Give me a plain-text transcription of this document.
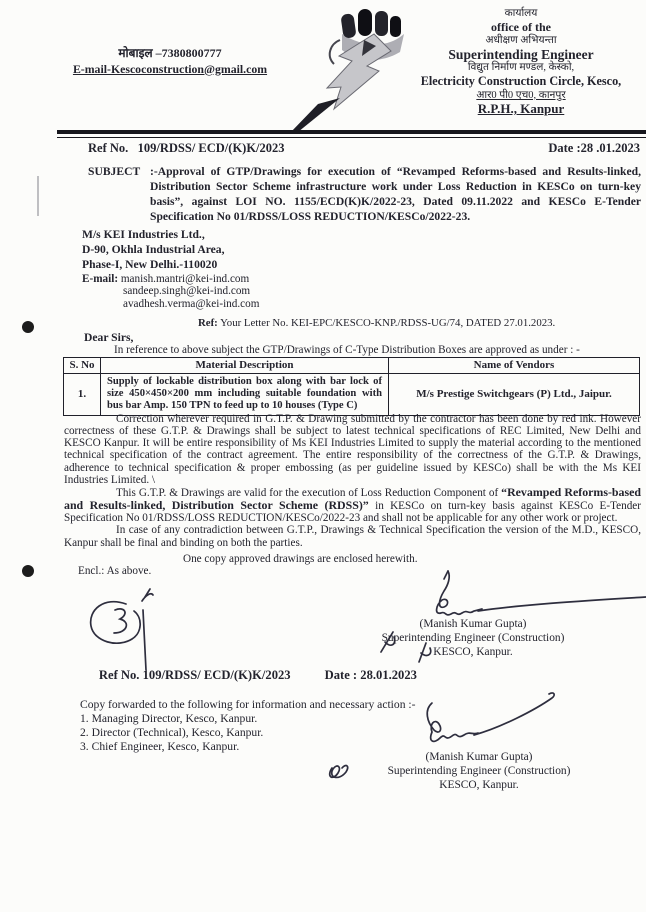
मोबाइल –7380800777
E-mail-Kescoconstruction@gmail.com
कार्यालय
office of the
अधीक्षण अभियन्ता
Superintending Engineer
विद्युत निर्माण मण्डल, केस्को,
Electricity Construction Circle, Kesco,
आर0 पी0 एच0, कानपुर
R.P.H., Kanpur
Ref No.   109/RDSS/ ECD/(K)K/2023	Date :28 .01.2023
SUBJECT :-Approval of GTP/Drawings for execution of “Revamped Reforms-based and Results-linked, Distribution Sector Scheme infrastructure work under Loss Reduction in KESCo on turn-key basis”, against LOI NO. 1155/ECD(K)K/2022-23, Dated 09.11.2022 and KESCo E-Tender Specification No 01/RDSS/LOSS REDUCTION/KESCo/2022-23.
M/s KEI Industries Ltd.,
D-90, Okhla Industrial Area,
Phase-I, New Delhi.-110020
E-mail: manish.mantri@kei-ind.com
sandeep.singh@kei-ind.com
avadhesh.verma@kei-ind.com
Ref: Your Letter No. KEI-EPC/KESCO-KNP./RDSS-UG/74, DATED 27.01.2023.
Dear Sirs,
In reference to above subject the GTP/Drawings of C-Type Distribution Boxes are approved as under : -
S. No	Material Description	Name of Vendors
1.	Supply of lockable distribution box along with bar lock of size 450×450×200 mm including suitable foundation with bus bar Amp. 150 TPN to feed up to 10 houses (Type C)	M/s Prestige Switchgears (P) Ltd., Jaipur.

Correction wherever required in G.T.P. & Drawing submitted by the contractor has been done by red ink. However correctness of these G.T.P. & Drawings shall be subject to latest technical specifications of REC Limited, New Delhi and KESCO Kanpur. It will be entire responsibility of Ms KEI Industries Limited to supply the material according to the mentioned technical specification of the contract agreement. The entire responsibility of the correctness of the G.T.P. & Drawings, adherence to technical specification & proper embossing (as per guideline issued by KESCo) shall be with the Ms KEI Industries Limited. \

This G.T.P. & Drawings are valid for the execution of Loss Reduction Component of “Revamped Reforms-based and Results-linked, Distribution Sector Scheme (RDSS)” in KESCo on turn-key basis against KESCo E-Tender Specification No 01/RDSS/LOSS REDUCTION/KESCo/2022-23 and shall not be applicable for any other work or project.

In case of any contradiction between G.T.P., Drawings & Technical Specification the version of the M.D., KESCO, Kanpur shall be final and binding on both the parties.

One copy approved drawings are enclosed herewith.

Encl.: As above.

(Manish Kumar Gupta)
Superintending Engineer (Construction)
KESCO, Kanpur.

Ref No. 109/RDSS/ ECD/(K)K/2023	Date : 28.01.2023

Copy forwarded to the following for information and necessary action :-
1. Managing Director, Kesco, Kanpur.
2. Director (Technical), Kesco, Kanpur.
3. Chief Engineer, Kesco, Kanpur.
(Manish Kumar Gupta)
Superintending Engineer (Construction)
KESCO, Kanpur.
